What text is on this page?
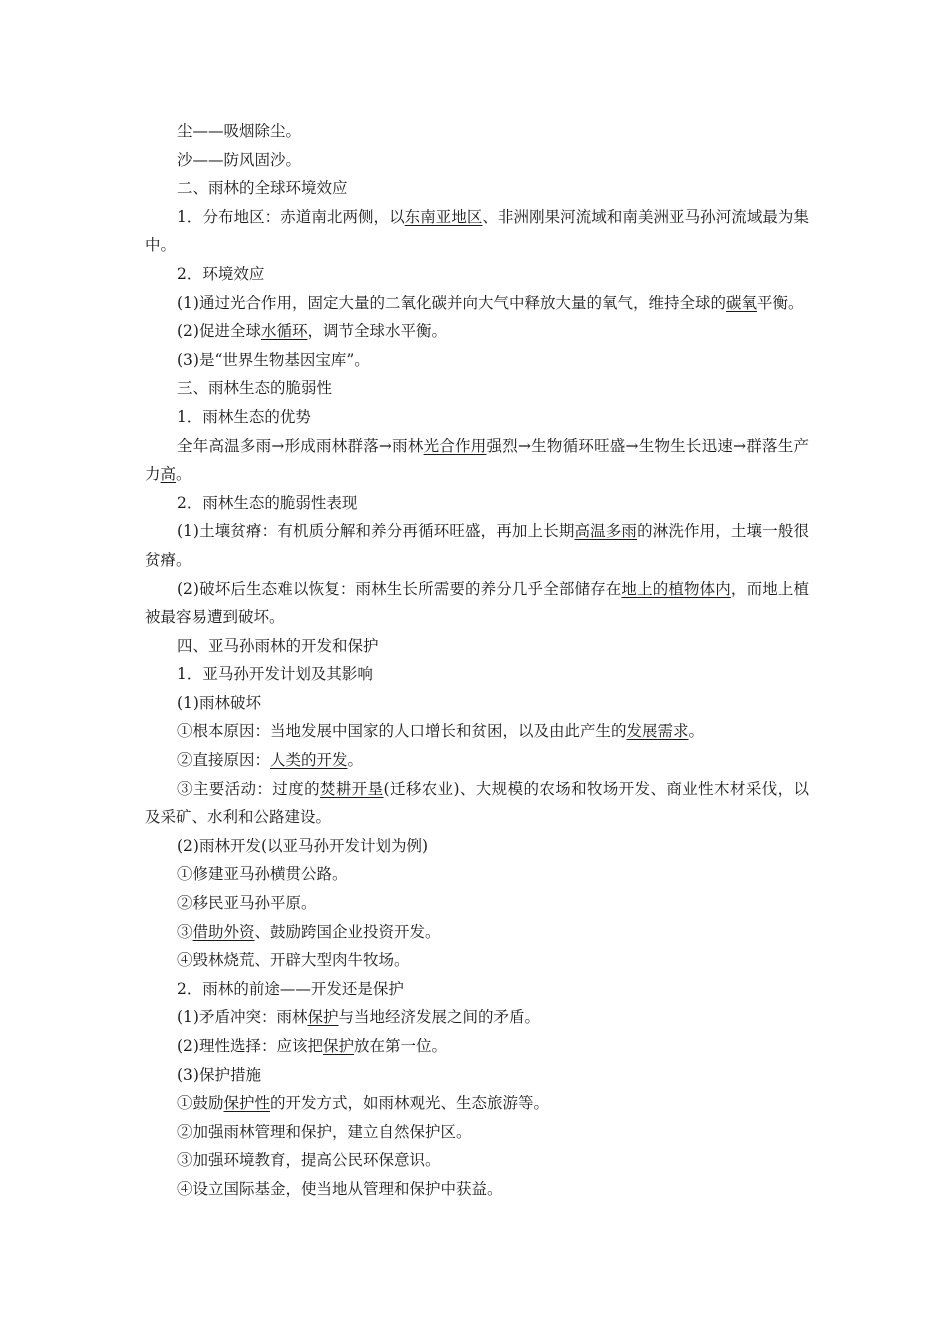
尘——吸烟除尘。

沙——防风固沙。

二、雨林的全球环境效应

1．分布地区：赤道南北两侧，以东南亚地区、非洲刚果河流域和南美洲亚马孙河流域最为集中。

2．环境效应

(1)通过光合作用，固定大量的二氧化碳并向大气中释放大量的氧气，维持全球的碳氧平衡。

(2)促进全球水循环，调节全球水平衡。

(3)是“世界生物基因宝库”。

三、雨林生态的脆弱性

1．雨林生态的优势

全年高温多雨→形成雨林群落→雨林光合作用强烈→生物循环旺盛→生物生长迅速→群落生产力高。

2．雨林生态的脆弱性表现

(1)土壤贫瘠：有机质分解和养分再循环旺盛，再加上长期高温多雨的淋洗作用，土壤一般很贫瘠。

(2)破坏后生态难以恢复：雨林生长所需要的养分几乎全部储存在地上的植物体内，而地上植被最容易遭到破坏。

四、亚马孙雨林的开发和保护

1．亚马孙开发计划及其影响

(1)雨林破坏

①根本原因：当地发展中国家的人口增长和贫困，以及由此产生的发展需求。

②直接原因：人类的开发。

③主要活动：过度的焚耕开垦(迁移农业)、大规模的农场和牧场开发、商业性木材采伐，以及采矿、水利和公路建设。

(2)雨林开发(以亚马孙开发计划为例)

①修建亚马孙横贯公路。

②移民亚马孙平原。

③借助外资、鼓励跨国企业投资开发。

④毁林烧荒、开辟大型肉牛牧场。

2．雨林的前途——开发还是保护

(1)矛盾冲突：雨林保护与当地经济发展之间的矛盾。

(2)理性选择：应该把保护放在第一位。

(3)保护措施

①鼓励保护性的开发方式，如雨林观光、生态旅游等。

②加强雨林管理和保护，建立自然保护区。

③加强环境教育，提高公民环保意识。

④设立国际基金，使当地从管理和保护中获益。
